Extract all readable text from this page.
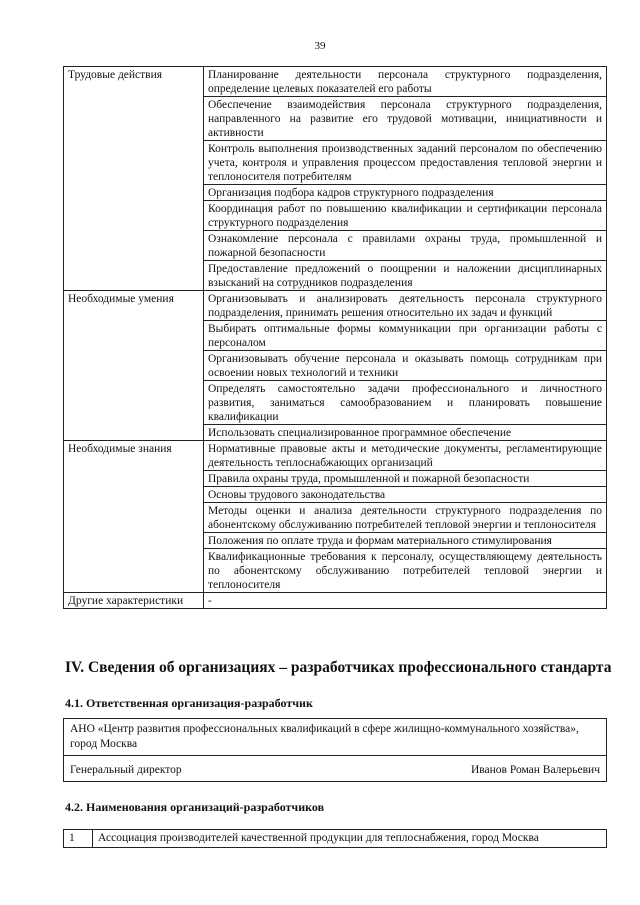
39
Трудовые действия	Планирование деятельности персонала структурного подразделения, определение целевых показателей его работы
	Обеспечение взаимодействия персонала структурного подразделения, направленного на развитие его трудовой мотивации, инициативности и активности
	Контроль выполнения производственных заданий персоналом по обеспечению учета, контроля и управления процессом предоставления тепловой энергии и теплоносителя потребителям
	Организация подбора кадров структурного подразделения
	Координация работ по повышению квалификации и сертификации персонала структурного подразделения
	Ознакомление персонала с правилами охраны труда, промышленной и пожарной безопасности
	Предоставление предложений о поощрении и наложении дисциплинарных взысканий на сотрудников подразделения
Необходимые умения	Организовывать и анализировать деятельность персонала структурного подразделения, принимать решения относительно их задач и функций
	Выбирать оптимальные формы коммуникации при организации работы с персоналом
	Организовывать обучение персонала и оказывать помощь сотрудникам при освоении новых технологий и техники
	Определять самостоятельно задачи профессионального и личностного развития, заниматься самообразованием и планировать повышение квалификации
	Использовать специализированное программное обеспечение
Необходимые знания	Нормативные правовые акты и методические документы, регламентирующие деятельность теплоснабжающих организаций
	Правила охраны труда, промышленной и пожарной безопасности
	Основы трудового законодательства
	Методы оценки и анализа деятельности структурного подразделения по абонентскому обслуживанию потребителей тепловой энергии и теплоносителя
	Положения по оплате труда и формам материального стимулирования
	Квалификационные требования к персоналу, осуществляющему деятельность по абонентскому обслуживанию потребителей тепловой энергии и теплоносителя
Другие характеристики	-
IV. Сведения об организациях – разработчиках профессионального стандарта
4.1. Ответственная организация-разработчик
АНО «Центр развития профессиональных квалификаций в сфере жилищно-коммунального хозяйства», город Москва

Генеральный директор	Иванов Роман Валерьевич
4.2. Наименования организаций-разработчиков
1	Ассоциация производителей качественной продукции для теплоснабжения, город Москва
